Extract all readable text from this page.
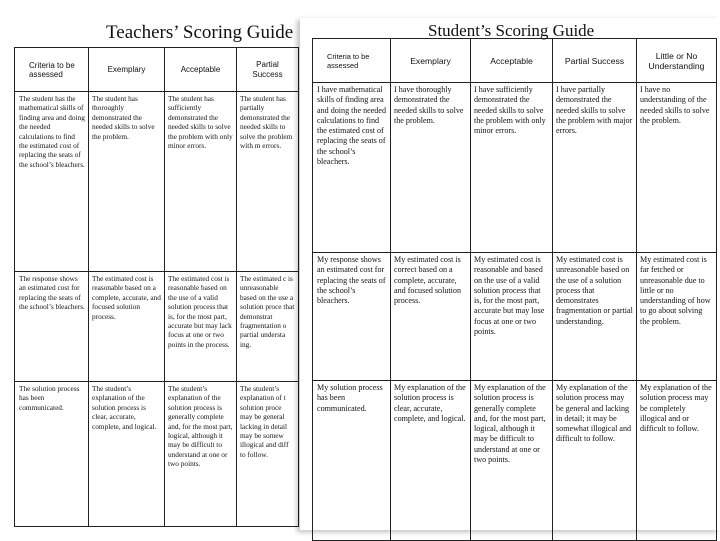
Teachers’ Scoring Guide
Criteria to be assessed	Exemplary	Acceptable	Partial Success
The student has the mathematical skills of finding area and doing the needed calculations to find the estimated cost of replacing the seats of the school’s bleachers.	The student has thoroughly demonstrated the needed skills to solve the problem.	The student has sufficiently demonstrated the needed skills to solve the problem with only minor errors.	The student has partially demonstrated the needed skills to solve the problem with m errors.
The response shows an estimated cost for replacing the seats of the school’s bleachers.	The estimated cost is reasonable based on a complete, accurate, and focused solution process.	The estimated cost is reasonable based on the use of a valid solution process that is, for the most part, accurate but may lack focus at one or two points in the process.	The estimated c is unreasonable based on the use a solution proce that demonstrat fragmentation o partial understa ing.
The solution process has been communicated.	The student’s explanation of the solution process is clear, accurate, complete, and logical.	The student’s explanation of the solution process is generally complete and, for the most part, logical, although it may be difficult to understand at one or two points.	The student’s explanation of t solution proce may be general lacking in detail may be somew illogical and diff to follow.
Student’s Scoring Guide
Criteria to be assessed	Exemplary	Acceptable	Partial Success	Little or No Understanding
I have mathematical skills of finding area and doing the needed calculations to find the estimated cost of replacing the seats of the school’s bleachers.	I have thoroughly demonstrated the needed skills to solve the problem.	I have sufficiently demonstrated the needed skills to solve the problem with only minor errors.	I have partially demonstrated the needed skills to solve the problem with major errors.	I have no understanding of the needed skills to solve the problem.
My response shows an estimated cost for replacing the seats of the school’s bleachers.	My estimated cost is correct based on a complete, accurate, and focused solution process.	My estimated cost is reasonable and based on the use of a valid solution process that is, for the most part, accurate but may lose focus at one or two points.	My estimated cost is unreasonable based on the use of a solution process that demonstrates fragmentation or partial understanding.	My estimated cost is far fetched or unreasonable due to little or no understanding of how to go about solving the problem.
My solution process has been communicated.	My explanation of the solution process is clear, accurate, complete, and logical.	My explanation of the solution process is generally complete and, for the most part, logical, although it may be difficult to understand at one or two points.	My explanation of the solution process may be general and lacking in detail; it may be somewhat illogical and difficult to follow.	My explanation of the solution process may be completely illogical and or difficult to follow.
